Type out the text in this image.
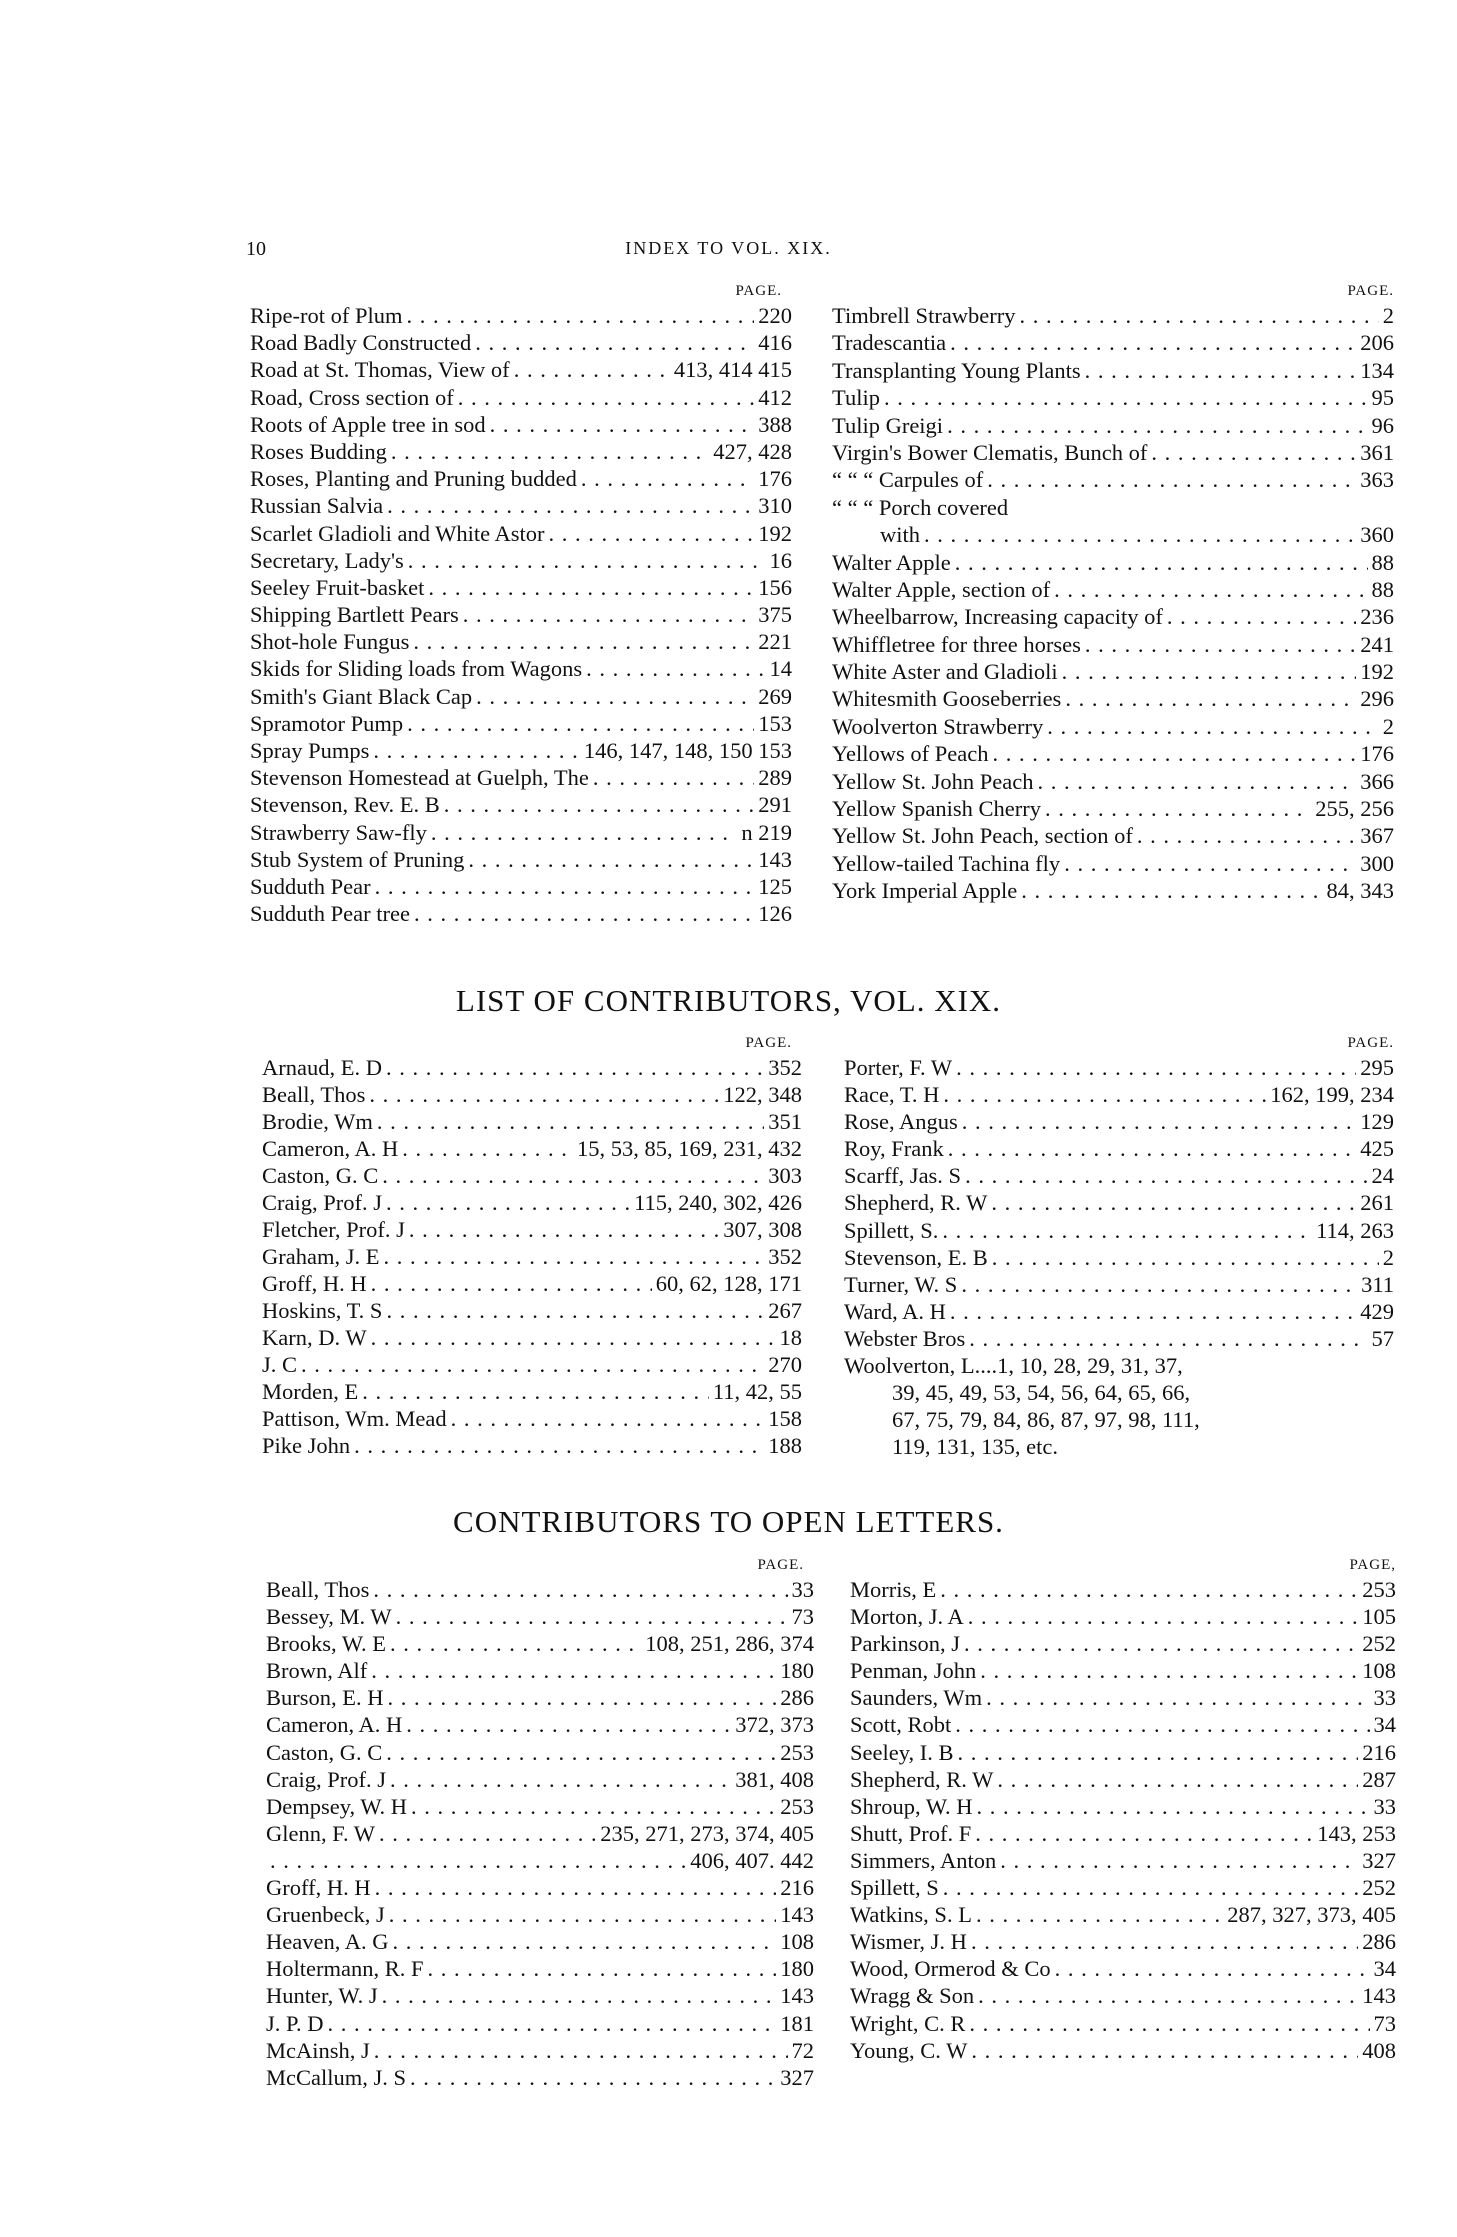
10	INDEX TO VOL. XIX.
PAGE.
Ripe-rot of Plum . . .	220
Road Badly Constructed . . .	416
Road at St. Thomas, View of . . .	413, 414 415
Road, Cross section of . . .	412
Roots of Apple tree in sod . . .	388
Roses Budding . . .	427, 428
Roses, Planting and Pruning budded . . .	176
Russian Salvia . . .	310
Scarlet Gladioli and White Astor . . .	192
Secretary, Lady's . . .	16
Seeley Fruit-basket . . .	156
Shipping Bartlett Pears . . .	375
Shot-hole Fungus . . .	221
Skids for Sliding loads from Wagons . . .	14
Smith's Giant Black Cap . . .	269
Spramotor Pump . . .	153
Spray Pumps . . .	146, 147, 148, 150 153
Stevenson Homestead at Guelph, The . . .	289
Stevenson, Rev. E. B . . .	291
Strawberry Saw-fly . . .	n 219
Stub System of Pruning . . .	143
Sudduth Pear . . .	125
Sudduth Pear tree . . .	126
PAGE.
Timbrell Strawberry . . .	2
Tradescantia . . .	206
Transplanting Young Plants . . .	134
Tulip . . .	95
Tulip Greigi . . .	96
Virgin's Bower Clematis, Bunch of . . .	361
“ “ “ Carpules of . . .	363
“ “ “ Porch covered
with . . .	360
Walter Apple . . .	88
Walter Apple, section of . . .	88
Wheelbarrow, Increasing capacity of . . .	236
Whiffletree for three horses . . .	241
White Aster and Gladioli . . .	192
Whitesmith Gooseberries . . .	296
Woolverton Strawberry . . .	2
Yellows of Peach . . .	176
Yellow St. John Peach . . .	366
Yellow Spanish Cherry . . .	255, 256
Yellow St. John Peach, section of . . .	367
Yellow-tailed Tachina fly . . .	300
York Imperial Apple . . .	84, 343
LIST OF CONTRIBUTORS, VOL. XIX.
PAGE.
Arnaud, E. D . . .	352
Beall, Thos . . .	122, 348
Brodie, Wm . . .	351
Cameron, A. H . . .	15, 53, 85, 169, 231, 432
Caston, G. C . . .	303
Craig, Prof. J . . .	115, 240, 302, 426
Fletcher, Prof. J . . .	307, 308
Graham, J. E . . .	352
Groff, H. H . . .	60, 62, 128, 171
Hoskins, T. S . . .	267
Karn, D. W . . .	18
J. C . . .	270
Morden, E . . .	11, 42, 55
Pattison, Wm. Mead . . .	158
Pike John . . .	188
PAGE.
Porter, F. W . . .	295
Race, T. H . . .	162, 199, 234
Rose, Angus . . .	129
Roy, Frank . . .	425
Scarff, Jas. S . . .	24
Shepherd, R. W . . .	261
Spillett, S. . . .	114, 263
Stevenson, E. B . . .	2
Turner, W. S . . .	311
Ward, A. H . . .	429
Webster Bros . . .	57
Woolverton, L....1, 10, 28, 29, 31, 37,
39, 45, 49, 53, 54, 56, 64, 65, 66,
67, 75, 79, 84, 86, 87, 97, 98, 111,
119, 131, 135, etc.
CONTRIBUTORS TO OPEN LETTERS.
PAGE.
Beall, Thos . . .	33
Bessey, M. W . . .	73
Brooks, W. E . . .	108, 251, 286, 374
Brown, Alf . . .	180
Burson, E. H . . .	286
Cameron, A. H . . .	372, 373
Caston, G. C . . .	253
Craig, Prof. J . . .	381, 408
Dempsey, W. H . . .	253
Glenn, F. W . . .	235, 271, 273, 374, 405
. . .
406, 407. 442
Groff, H. H . . .	216
Gruenbeck, J . . .	143
Heaven, A. G . . .	108
Holtermann, R. F . . .	180
Hunter, W. J . . .	143
J. P. D . . .	181
McAinsh, J . . .	72
McCallum, J. S . . .	327
PAGE,
Morris, E . . .	253
Morton, J. A . . .	105
Parkinson, J . . .	252
Penman, John . . .	108
Saunders, Wm . . .	33
Scott, Robt . . .	34
Seeley, I. B . . .	216
Shepherd, R. W . . .	287
Shroup, W. H . . .	33
Shutt, Prof. F . . .	143, 253
Simmers, Anton . . .	327
Spillett, S . . .	252
Watkins, S. L . . .	287, 327, 373, 405
Wismer, J. H . . .	286
Wood, Ormerod & Co . . .	34
Wragg & Son . . .	143
Wright, C. R . . .	73
Young, C. W . . .	408
